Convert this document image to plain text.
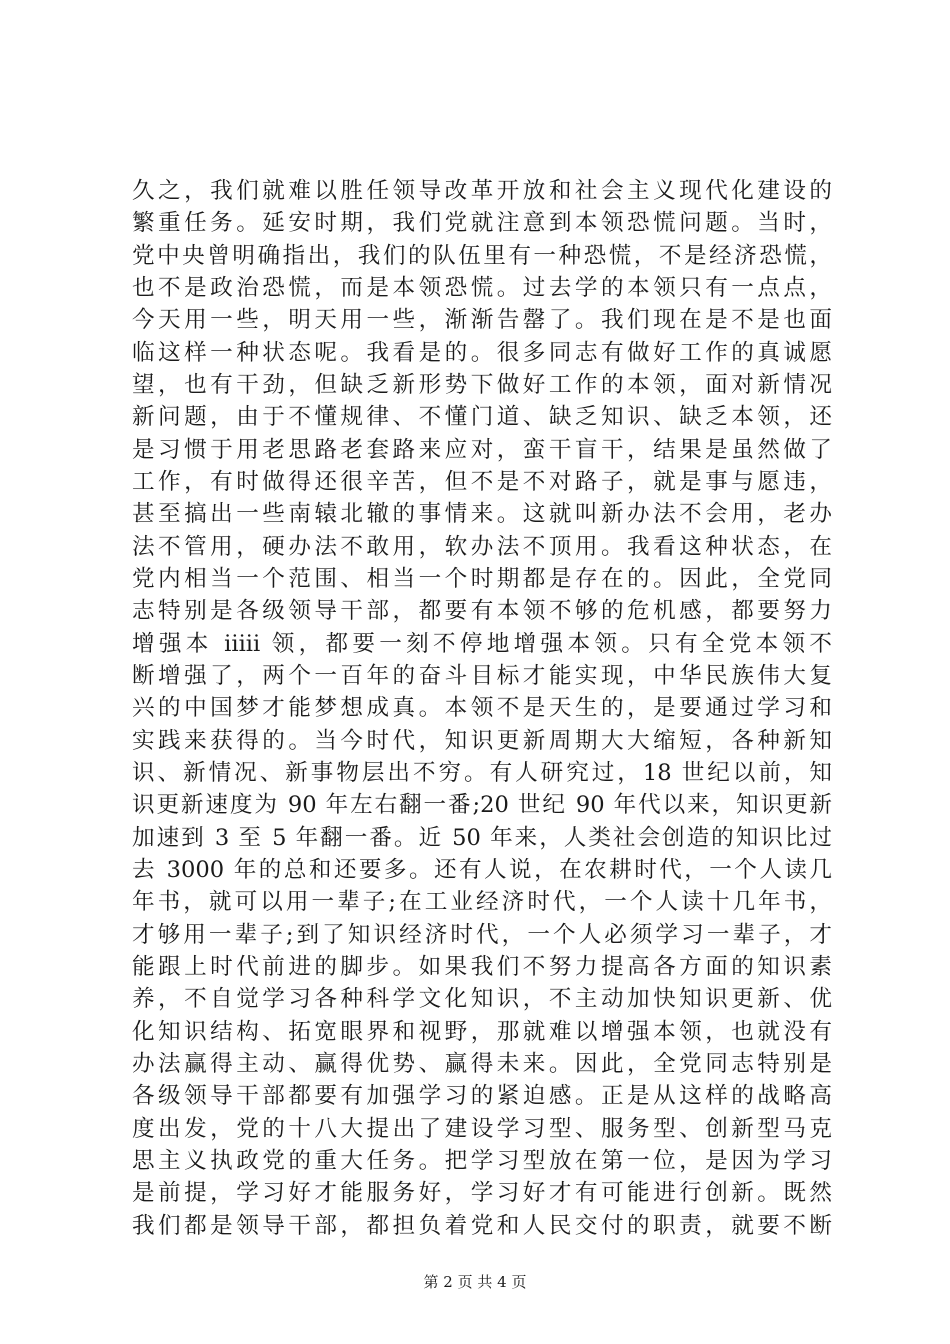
久之，我们就难以胜任领导改革开放和社会主义现代化建设的
繁重任务。延安时期，我们党就注意到本领恐慌问题。当时，
党中央曾明确指出，我们的队伍里有一种恐慌，不是经济恐慌，
也不是政治恐慌，而是本领恐慌。过去学的本领只有一点点，
今天用一些，明天用一些，渐渐告罄了。我们现在是不是也面
临这样一种状态呢。我看是的。很多同志有做好工作的真诚愿
望，也有干劲，但缺乏新形势下做好工作的本领，面对新情况
新问题，由于不懂规律、不懂门道、缺乏知识、缺乏本领，还
是习惯于用老思路老套路来应对，蛮干盲干，结果是虽然做了
工作，有时做得还很辛苦，但不是不对路子，就是事与愿违，
甚至搞出一些南辕北辙的事情来。这就叫新办法不会用，老办
法不管用，硬办法不敢用，软办法不顶用。我看这种状态，在
党内相当一个范围、相当一个时期都是存在的。因此，全党同
志特别是各级领导干部，都要有本领不够的危机感，都要努力
增强本 iiiii 领，都要一刻不停地增强本领。只有全党本领不
断增强了，两个一百年的奋斗目标才能实现，中华民族伟大复
兴的中国梦才能梦想成真。本领不是天生的，是要通过学习和
实践来获得的。当今时代，知识更新周期大大缩短，各种新知
识、新情况、新事物层出不穷。有人研究过，18 世纪以前，知
识更新速度为 90 年左右翻一番;20 世纪 90 年代以来，知识更新
加速到 3 至 5 年翻一番。近 50 年来，人类社会创造的知识比过
去 3000 年的总和还要多。还有人说，在农耕时代，一个人读几
年书，就可以用一辈子;在工业经济时代，一个人读十几年书，
才够用一辈子;到了知识经济时代，一个人必须学习一辈子，才
能跟上时代前进的脚步。如果我们不努力提高各方面的知识素
养，不自觉学习各种科学文化知识，不主动加快知识更新、优
化知识结构、拓宽眼界和视野，那就难以增强本领，也就没有
办法赢得主动、赢得优势、赢得未来。因此，全党同志特别是
各级领导干部都要有加强学习的紧迫感。正是从这样的战略高
度出发，党的十八大提出了建设学习型、服务型、创新型马克
思主义执政党的重大任务。把学习型放在第一位，是因为学习
是前提，学习好才能服务好，学习好才有可能进行创新。既然
我们都是领导干部，都担负着党和人民交付的职责，就要不断
第 2 页 共 4 页
